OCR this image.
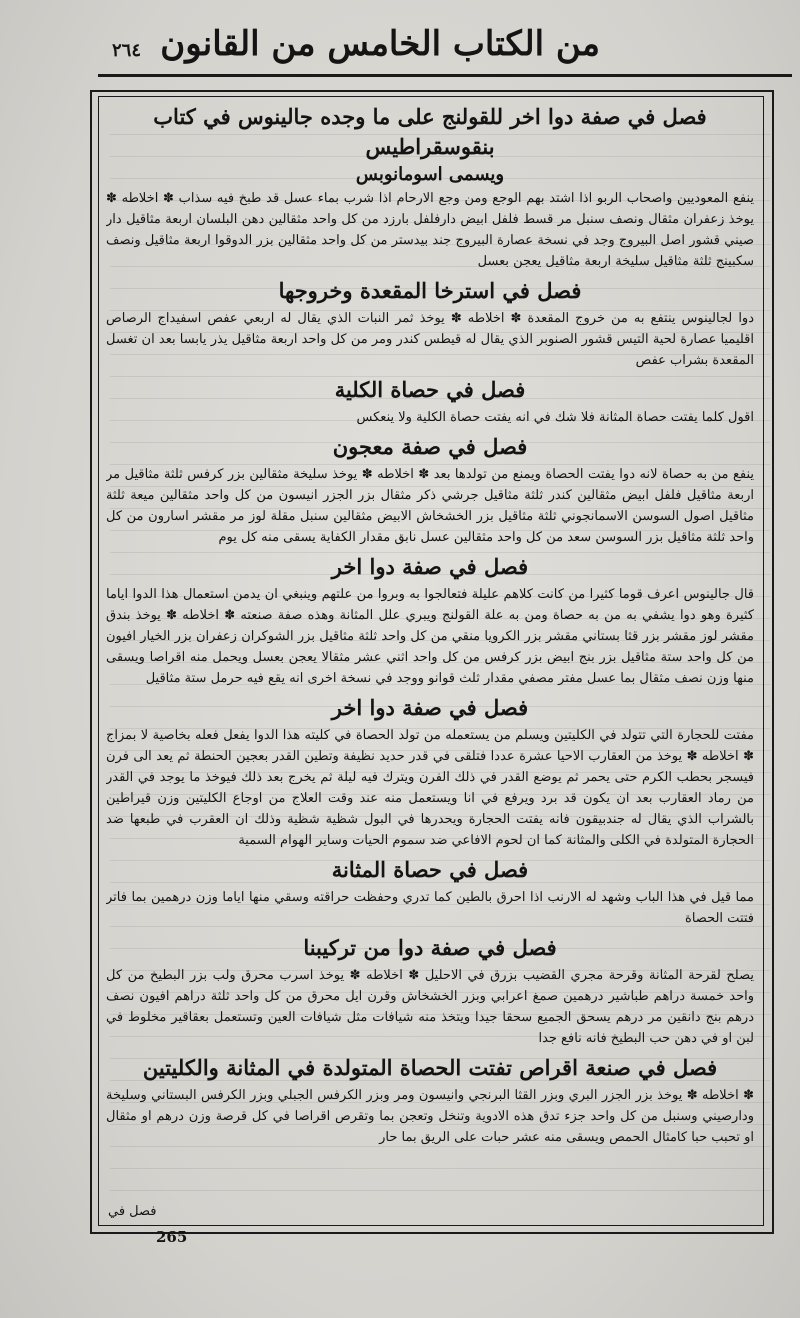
٢٦٤ من الكتاب الخامس من القانون
فصل في صفة دوا اخر للقولنج على ما وجده جالينوس في كتاب بنقوسقراطيس
ويسمى اسومانوبس

ينفع المعوديين واصحاب الربو اذا اشتد بهم الوجع ومن وجع الارحام اذا شرب بماء عسل قد طبخ فيه سذاب ✽ اخلاطه ✽ يوخذ زعفران مثقال ونصف سنبل مر قسط فلفل ابيض دارفلفل بارزد من كل واحد مثقالين دهن البلسان اربعة مثاقيل دار صيني قشور اصل البيروج وجد في نسخة عصارة البيروج جند بيدستر من كل واحد مثقالين بزر الدوقوا اربعة مثاقيل ونصف سكبينج ثلثة مثاقيل سليخة اربعة مثاقيل يعجن بعسل

فصل في استرخا المقعدة وخروجها

دوا لجالينوس ينتفع به من خروج المقعدة ✽ اخلاطه ✽ يوخذ ثمر النبات الذي يقال له اربعي عفص اسفيداج الرصاص اقليميا عصارة لحية التيس قشور الصنوبر الذي يقال له قيطس كندر ومر من كل واحد اربعة مثاقيل يذر يابسا بعد ان تغسل المقعدة بشراب عفص

فصل في حصاة الكلية

اقول كلما يفتت حصاة المثانة فلا شك في انه يفتت حصاة الكلية ولا ينعكس

فصل في صفة معجون

ينفع من به حصاة لانه دوا يفتت الحصاة ويمنع من تولدها بعد ✽ اخلاطه ✽ يوخذ سليخة مثقالين بزر كرفس ثلثة مثاقيل مر اربعة مثاقيل فلفل ابيض مثقالين كندر ثلثة مثاقيل جرشي ذكر مثقال بزر الجزر انيسون من كل واحد مثقالين ميعة ثلثة مثاقيل اصول السوسن الاسمانجوني ثلثة مثاقيل بزر الخشخاش الابيض مثقالين سنبل مقلة لوز مر مقشر اسارون من كل واحد ثلثة مثاقيل بزر السوسن سعد من كل واحد مثقالين عسل نابق مقدار الكفاية يسقى منه كل يوم

فصل في صفة دوا اخر

قال جالينوس اعرف قوما كثيرا من كانت كلاهم عليلة فتعالجوا به وبروا من علتهم وينبغي ان يدمن استعمال هذا الدوا اياما كثيرة وهو دوا يشفي به من به حصاة ومن به علة القولنج ويبري علل المثانة وهذه صفة صنعته ✽ اخلاطه ✽ يوخذ بندق مقشر لوز مقشر بزر قثا بستاني مقشر بزر الكرويا منقي من كل واحد ثلثة مثاقيل بزر الشوكران زعفران بزر الخيار افيون من كل واحد ستة مثاقيل بزر بنج ابيض بزر كرفس من كل واحد اثني عشر مثقالا يعجن بعسل ويحمل منه اقراصا ويسقى منها وزن نصف مثقال بما عسل مفتر مصفي مقدار ثلث قوانو ووجد في نسخة اخرى انه يقع فيه حرمل ستة مثاقيل

فصل في صفة دوا اخر

مفتت للحجارة التي تتولد في الكليتين ويسلم من يستعمله من تولد الحصاة في كليته هذا الدوا يفعل فعله بخاصية لا بمزاج ✽ اخلاطه ✽ يوخذ من العقارب الاحيا عشرة عددا فتلقى في قدر حديد نظيفة وتطين القدر بعجين الحنطة ثم يعد الى فرن فيسجر بحطب الكرم حتى يحمر ثم يوضع القدر في ذلك الفرن ويترك فيه ليلة ثم يخرج بعد ذلك فيوخذ ما يوجد في القدر من رماد العقارب بعد ان يكون قد برد ويرفع في انا ويستعمل منه عند وقت العلاج من اوجاع الكليتين وزن قيراطين بالشراب الذي يقال له جندبيقون فانه يفتت الحجارة ويحدرها في البول شظية شظية وذلك ان العقرب في طبعها ضد الحجارة المتولدة في الكلى والمثانة كما ان لحوم الافاعي ضد سموم الحيات وساير الهوام السمية

فصل في حصاة المثانة

مما قيل في هذا الباب وشهد له الارنب اذا احرق بالطين كما تدري وحفظت حراقته وسقي منها اياما وزن درهمين بما فاتر فتتت الحصاة

فصل في صفة دوا من تركيبنا

يصلح لقرحة المثانة وقرحة مجري القضيب بزرق في الاحليل ✽ اخلاطه ✽ يوخذ اسرب محرق ولب بزر البطيخ من كل واحد خمسة دراهم طباشير درهمين صمغ اعرابي وبزر الخشخاش وقرن ايل محرق من كل واحد ثلثة دراهم افيون نصف درهم بنج دانقين مر درهم يسحق الجميع سحقا جيدا ويتخذ منه شيافات مثل شيافات العين وتستعمل بعقاقير مخلوط في لبن او في دهن حب البطيخ فانه نافع جدا

فصل في صنعة اقراص تفتت الحصاة المتولدة في المثانة والكليتين

✽ اخلاطه ✽ يوخذ بزر الجزر البري وبزر القثا البرنجي وانيسون ومر وبزر الكرفس الجبلي وبزر الكرفس البستاني وسليخة ودارصيني وسنبل من كل واحد جزء تدق هذه الادوية وتنخل وتعجن بما وتقرص اقراصا في كل قرصة وزن درهم او مثقال او تحبب حبا كامثال الحمص ويسقى منه عشر حبات على الريق بما حار

فصل في
265
